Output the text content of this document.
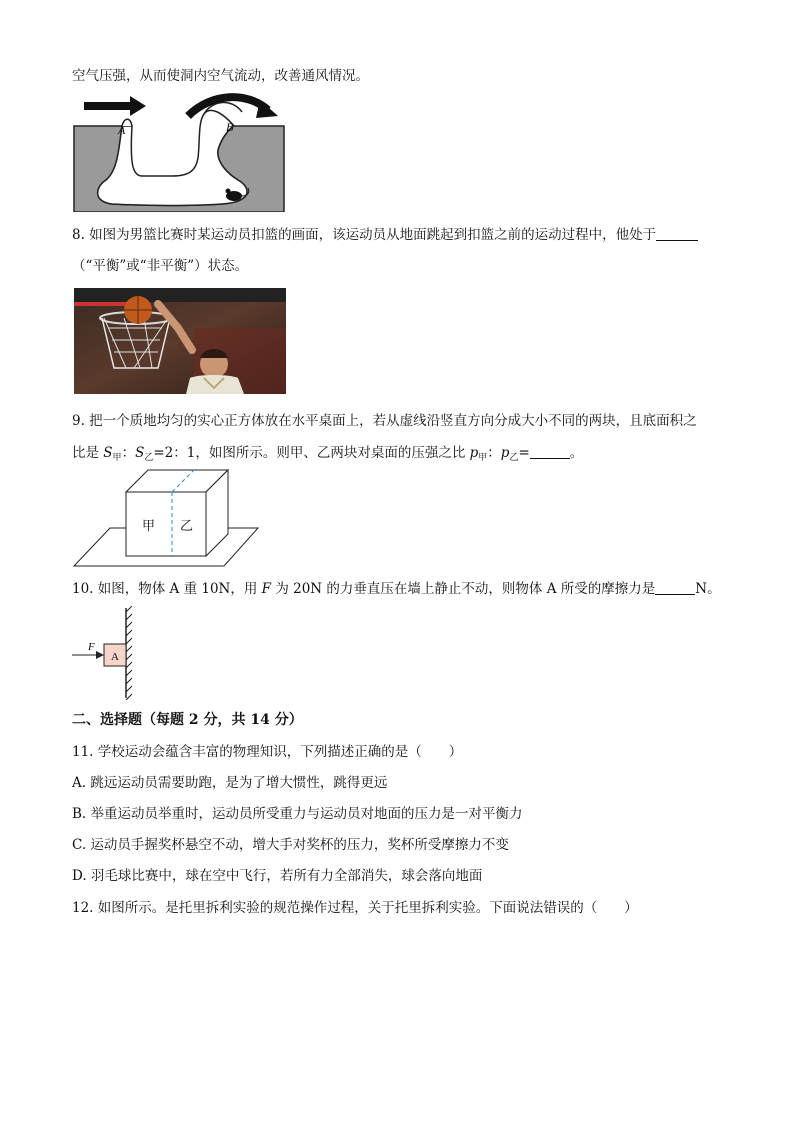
空气压强，从而使洞内空气流动，改善通风情况。
A	B
8. 如图为男篮比赛时某运动员扣篮的画面，该运动员从地面跳起到扣篮之前的运动过程中，他处于
（“平衡”或“非平衡”）状态。
9. 把一个质地均匀的实心正方体放在水平桌面上，若从虚线沿竖直方向分成大小不同的两块，且底面积之
比是 $S_甲$：$S_乙=2$：1，如图所示。则甲、乙两块对桌面的压强之比 $p_甲$：$p_乙=$	。
甲 乙
10. 如图，物体 A 重 10N，用 F 为 20N 的力垂直压在墙上静止不动，则物体 A 所受的摩擦力是	N。
F
A
二、选择题（每题 2 分，共 14 分）
11. 学校运动会蕴含丰富的物理知识，下列描述正确的是（　　）
A. 跳远运动员需要助跑，是为了增大惯性，跳得更远
B. 举重运动员举重时，运动员所受重力与运动员对地面的压力是一对平衡力
C. 运动员手握奖杯悬空不动，增大手对奖杯的压力，奖杯所受摩擦力不变
D. 羽毛球比赛中，球在空中飞行，若所有力全部消失，球会落向地面
12. 如图所示。是托里拆利实验的规范操作过程，关于托里拆利实验。下面说法错误的（　　）
